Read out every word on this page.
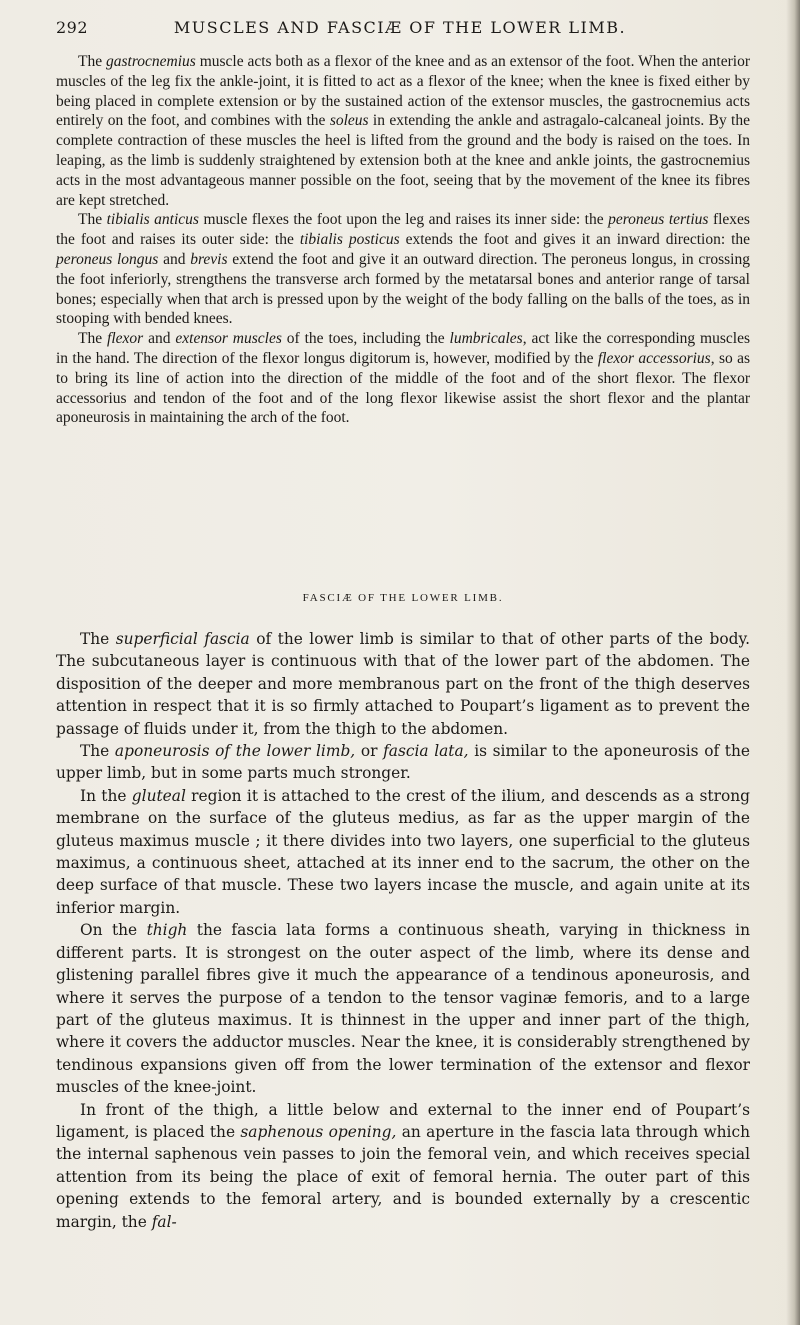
292	MUSCLES AND FASCIÆ OF THE LOWER LIMB.

The gastrocnemius muscle acts both as a flexor of the knee and as an extensor of the foot. When the anterior muscles of the leg fix the ankle-joint, it is fitted to act as a flexor of the knee; when the knee is fixed either by being placed in complete extension or by the sustained action of the extensor muscles, the gastrocnemius acts entirely on the foot, and combines with the soleus in extending the ankle and astragalo-calcaneal joints. By the complete contraction of these muscles the heel is lifted from the ground and the body is raised on the toes. In leaping, as the limb is suddenly straightened by extension both at the knee and ankle joints, the gastrocnemius acts in the most advantageous manner possible on the foot, seeing that by the movement of the knee its fibres are kept stretched.

The tibialis anticus muscle flexes the foot upon the leg and raises its inner side: the peroneus tertius flexes the foot and raises its outer side: the tibialis posticus extends the foot and gives it an inward direction: the peroneus longus and brevis extend the foot and give it an outward direction. The peroneus longus, in crossing the foot inferiorly, strengthens the transverse arch formed by the metatarsal bones and anterior range of tarsal bones; especially when that arch is pressed upon by the weight of the body falling on the balls of the toes, as in stooping with bended knees.

The flexor and extensor muscles of the toes, including the lumbricales, act like the corresponding muscles in the hand. The direction of the flexor longus digitorum is, however, modified by the flexor accessorius, so as to bring its line of action into the direction of the middle of the foot and of the short flexor. The flexor accessorius and tendon of the foot and of the long flexor likewise assist the short flexor and the plantar aponeurosis in maintaining the arch of the foot.

FASCIÆ OF THE LOWER LIMB.

The superficial fascia of the lower limb is similar to that of other parts of the body. The subcutaneous layer is continuous with that of the lower part of the abdomen. The disposition of the deeper and more membranous part on the front of the thigh deserves attention in respect that it is so firmly attached to Poupart’s ligament as to prevent the passage of fluids under it, from the thigh to the abdomen.

The aponeurosis of the lower limb, or fascia lata, is similar to the aponeurosis of the upper limb, but in some parts much stronger.

In the gluteal region it is attached to the crest of the ilium, and descends as a strong membrane on the surface of the gluteus medius, as far as the upper margin of the gluteus maximus muscle ; it there divides into two layers, one superficial to the gluteus maximus, a continuous sheet, attached at its inner end to the sacrum, the other on the deep surface of that muscle. These two layers incase the muscle, and again unite at its inferior margin.

On the thigh the fascia lata forms a continuous sheath, varying in thickness in different parts. It is strongest on the outer aspect of the limb, where its dense and glistening parallel fibres give it much the appearance of a tendinous aponeurosis, and where it serves the purpose of a tendon to the tensor vaginæ femoris, and to a large part of the gluteus maximus. It is thinnest in the upper and inner part of the thigh, where it covers the adductor muscles. Near the knee, it is considerably strengthened by tendinous expansions given off from the lower termination of the extensor and flexor muscles of the knee-joint.

In front of the thigh, a little below and external to the inner end of Poupart’s ligament, is placed the saphenous opening, an aperture in the fascia lata through which the internal saphenous vein passes to join the femoral vein, and which receives special attention from its being the place of exit of femoral hernia. The outer part of this opening extends to the femoral artery, and is bounded externally by a crescentic margin, the fal-
